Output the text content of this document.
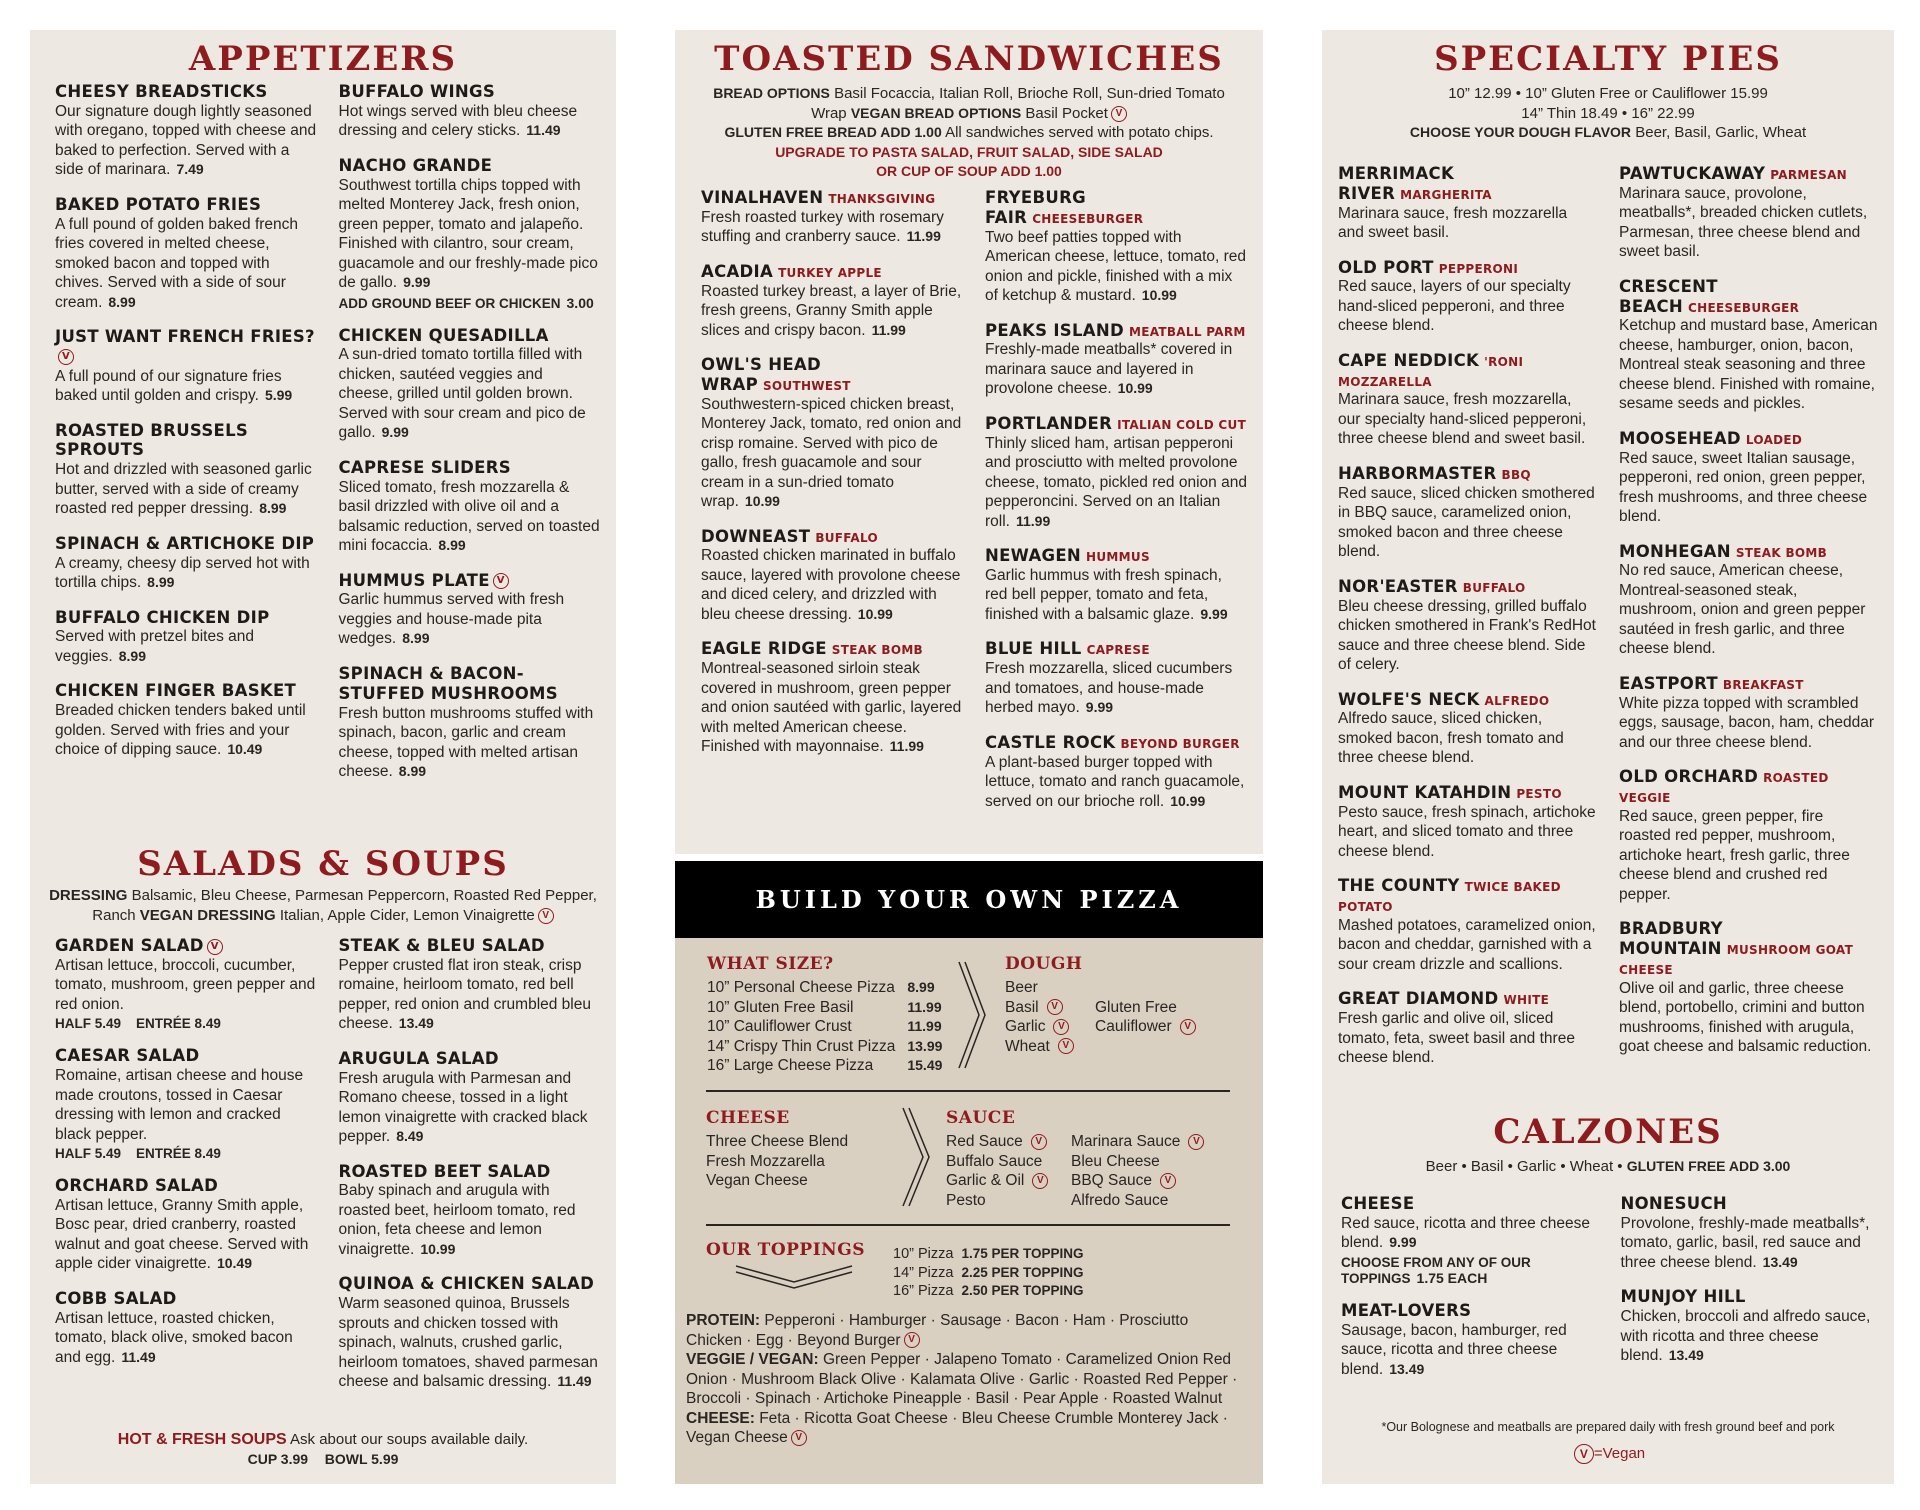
APPETIZERS
CHEESY BREADSTICKS
Our signature dough lightly seasoned with oregano, topped with cheese and baked to perfection. Served with a side of marinara. 7.49
BAKED POTATO FRIES
A full pound of golden baked french fries covered in melted cheese, smoked bacon and topped with chives. Served with a side of sour cream. 8.99
JUST WANT FRENCH FRIES?V
A full pound of our signature fries baked until golden and crispy. 5.99
ROASTED BRUSSELS SPROUTS
Hot and drizzled with seasoned garlic butter, served with a side of creamy roasted red pepper dressing. 8.99
SPINACH & ARTICHOKE DIP
A creamy, cheesy dip served hot with tortilla chips. 8.99
BUFFALO CHICKEN DIP
Served with pretzel bites and veggies. 8.99
CHICKEN FINGER BASKET
Breaded chicken tenders baked until golden. Served with fries and your choice of dipping sauce. 10.49
BUFFALO WINGS
Hot wings served with bleu cheese dressing and celery sticks. 11.49
NACHO GRANDE
Southwest tortilla chips topped with melted Monterey Jack, fresh onion, green pepper, tomato and jalapeño. Finished with cilantro, sour cream, guacamole and our freshly-made pico de gallo. 9.99
ADD GROUND BEEF OR CHICKEN 3.00
CHICKEN QUESADILLA
A sun-dried tomato tortilla filled with chicken, sautéed veggies and cheese, grilled until golden brown. Served with sour cream and pico de gallo. 9.99
CAPRESE SLIDERS
Sliced tomato, fresh mozzarella & basil drizzled with olive oil and a balsamic reduction, served on toasted mini focaccia. 8.99
HUMMUS PLATE V
Garlic hummus served with fresh veggies and house-made pita wedges. 8.99
SPINACH & BACON-STUFFED MUSHROOMS
Fresh button mushrooms stuffed with spinach, bacon, garlic and cream cheese, topped with melted artisan cheese. 8.99
SALADS & SOUPS
DRESSING Balsamic, Bleu Cheese, Parmesan Peppercorn, Roasted Red Pepper, Ranch VEGAN DRESSING Italian, Apple Cider, Lemon Vinaigrette V
GARDEN SALAD V
Artisan lettuce, broccoli, cucumber, tomato, mushroom, green pepper and red onion.
HALF 5.49 ENTRÉE 8.49
CAESAR SALAD
Romaine, artisan cheese and house made croutons, tossed in Caesar dressing with lemon and cracked black pepper.
HALF 5.49 ENTRÉE 8.49
ORCHARD SALAD
Artisan lettuce, Granny Smith apple, Bosc pear, dried cranberry, roasted walnut and goat cheese. Served with apple cider vinaigrette. 10.49
COBB SALAD
Artisan lettuce, roasted chicken, tomato, black olive, smoked bacon and egg. 11.49
STEAK & BLEU SALAD
Pepper crusted flat iron steak, crisp romaine, heirloom tomato, red bell pepper, red onion and crumbled bleu cheese. 13.49
ARUGULA SALAD
Fresh arugula with Parmesan and Romano cheese, tossed in a light lemon vinaigrette with cracked black pepper. 8.49
ROASTED BEET SALAD
Baby spinach and arugula with roasted beet, heirloom tomato, red onion, feta cheese and lemon vinaigrette. 10.99
QUINOA & CHICKEN SALAD
Warm seasoned quinoa, Brussels sprouts and chicken tossed with spinach, walnuts, crushed garlic, heirloom tomatoes, shaved parmesan cheese and balsamic dressing. 11.49
HOT & FRESH SOUPS Ask about our soups available daily.
CUP 3.99 BOWL 5.99
TOASTED SANDWICHES
BREAD OPTIONS Basil Focaccia, Italian Roll, Brioche Roll, Sun-dried Tomato Wrap VEGAN BREAD OPTIONS Basil Pocket V
GLUTEN FREE BREAD ADD 1.00 All sandwiches served with potato chips.
UPGRADE TO PASTA SALAD, FRUIT SALAD, SIDE SALAD
OR CUP OF SOUP ADD 1.00
VINALHAVEN THANKSGIVING
Fresh roasted turkey with rosemary stuffing and cranberry sauce. 11.99
ACADIA TURKEY APPLE
Roasted turkey breast, a layer of Brie, fresh greens, Granny Smith apple slices and crispy bacon. 11.99
OWL'S HEAD WRAP SOUTHWEST
Southwestern-spiced chicken breast, Monterey Jack, tomato, red onion and crisp romaine. Served with pico de gallo, fresh guacamole and sour cream in a sun-dried tomato wrap. 10.99
DOWNEAST BUFFALO
Roasted chicken marinated in buffalo sauce, layered with provolone cheese and diced celery, and drizzled with bleu cheese dressing. 10.99
EAGLE RIDGE STEAK BOMB
Montreal-seasoned sirloin steak covered in mushroom, green pepper and onion sautéed with garlic, layered with melted American cheese. Finished with mayonnaise. 11.99
FRYEBURG FAIR CHEESEBURGER
Two beef patties topped with American cheese, lettuce, tomato, red onion and pickle, finished with a mix of ketchup & mustard. 10.99
PEAKS ISLAND MEATBALL PARM
Freshly-made meatballs* covered in marinara sauce and layered in provolone cheese. 10.99
PORTLANDER ITALIAN COLD CUT
Thinly sliced ham, artisan pepperoni and prosciutto with melted provolone cheese, tomato, pickled red onion and pepperoncini. Served on an Italian roll. 11.99
NEWAGEN HUMMUS
Garlic hummus with fresh spinach, red bell pepper, tomato and feta, finished with a balsamic glaze. 9.99
BLUE HILL CAPRESE
Fresh mozzarella, sliced cucumbers and tomatoes, and house-made herbed mayo. 9.99
CASTLE ROCK BEYOND BURGER
A plant-based burger topped with lettuce, tomato and ranch guacamole, served on our brioche roll. 10.99
BUILD YOUR OWN PIZZA
WHAT SIZE?
10” Personal Cheese Pizza	8.99
10” Gluten Free Basil	11.99
10” Cauliflower Crust	11.99
14” Crispy Thin Crust Pizza	13.99
16” Large Cheese Pizza	15.49
DOUGH
Beer
Basil V
Garlic V
Wheat V
Gluten Free
Cauliflower V
CHEESE
Three Cheese Blend
Fresh Mozzarella
Vegan Cheese
SAUCE
Red Sauce V
Buffalo Sauce
Garlic & Oil V
Pesto
Marinara Sauce V
Bleu Cheese
BBQ Sauce V
Alfredo Sauce
OUR TOPPINGS 10” Pizza	1.75 PER TOPPING
14” Pizza	2.25 PER TOPPING
16” Pizza	2.50 PER TOPPING
PROTEIN: Pepperoni · Hamburger · Sausage · Bacon · Ham · Prosciutto Chicken · Egg · Beyond Burger V
VEGGIE / VEGAN: Green Pepper · Jalapeno Tomato · Caramelized Onion Red Onion · Mushroom Black Olive · Kalamata Olive · Garlic · Roasted Red Pepper · Broccoli · Spinach · Artichoke Pineapple · Basil · Pear Apple · Roasted Walnut
CHEESE: Feta · Ricotta Goat Cheese · Bleu Cheese Crumble Monterey Jack · Vegan Cheese V
SPECIALTY PIES
10” 12.99 • 10” Gluten Free or Cauliflower 15.99
14” Thin 18.49 • 16” 22.99
CHOOSE YOUR DOUGH FLAVOR Beer, Basil, Garlic, Wheat
MERRIMACK RIVER MARGHERITA
Marinara sauce, fresh mozzarella and sweet basil.
OLD PORT PEPPERONI
Red sauce, layers of our specialty hand-sliced pepperoni, and three cheese blend.
CAPE NEDDICK 'RONI MOZZARELLA
Marinara sauce, fresh mozzarella, our specialty hand-sliced pepperoni, three cheese blend and sweet basil.
HARBORMASTER BBQ
Red sauce, sliced chicken smothered in BBQ sauce, caramelized onion, smoked bacon and three cheese blend.
NOR'EASTER BUFFALO
Bleu cheese dressing, grilled buffalo chicken smothered in Frank's RedHot sauce and three cheese blend. Side of celery.
WOLFE'S NECK ALFREDO
Alfredo sauce, sliced chicken, smoked bacon, fresh tomato and three cheese blend.
MOUNT KATAHDIN PESTO
Pesto sauce, fresh spinach, artichoke heart, and sliced tomato and three cheese blend.
THE COUNTY TWICE BAKED POTATO
Mashed potatoes, caramelized onion, bacon and cheddar, garnished with a sour cream drizzle and scallions.
GREAT DIAMOND WHITE
Fresh garlic and olive oil, sliced tomato, feta, sweet basil and three cheese blend.
PAWTUCKAWAY PARMESAN
Marinara sauce, provolone, meatballs*, breaded chicken cutlets, Parmesan, three cheese blend and sweet basil.
CRESCENT BEACH CHEESEBURGER
Ketchup and mustard base, American cheese, hamburger, onion, bacon, Montreal steak seasoning and three cheese blend. Finished with romaine, sesame seeds and pickles.
MOOSEHEAD LOADED
Red sauce, sweet Italian sausage, pepperoni, red onion, green pepper, fresh mushrooms, and three cheese blend.
MONHEGAN STEAK BOMB
No red sauce, American cheese, Montreal-seasoned steak, mushroom, onion and green pepper sautéed in fresh garlic, and three cheese blend.
EASTPORT BREAKFAST
White pizza topped with scrambled eggs, sausage, bacon, ham, cheddar and our three cheese blend.
OLD ORCHARD ROASTED VEGGIE
Red sauce, green pepper, fire roasted red pepper, mushroom, artichoke heart, fresh garlic, three cheese blend and crushed red pepper.
BRADBURY MOUNTAIN MUSHROOM GOAT CHEESE
Olive oil and garlic, three cheese blend, portobello, crimini and button mushrooms, finished with arugula, goat cheese and balsamic reduction.
CALZONES
Beer • Basil • Garlic • Wheat • GLUTEN FREE ADD 3.00
CHEESE
Red sauce, ricotta and three cheese blend. 9.99
CHOOSE FROM ANY OF OUR TOPPINGS 1.75 EACH
MEAT-LOVERS
Sausage, bacon, hamburger, red sauce, ricotta and three cheese blend. 13.49
NONESUCH
Provolone, freshly-made meatballs*, tomato, garlic, basil, red sauce and three cheese blend. 13.49
MUNJOY HILL
Chicken, broccoli and alfredo sauce, with ricotta and three cheese blend. 13.49
*Our Bolognese and meatballs are prepared daily with fresh ground beef and pork
V =Vegan
